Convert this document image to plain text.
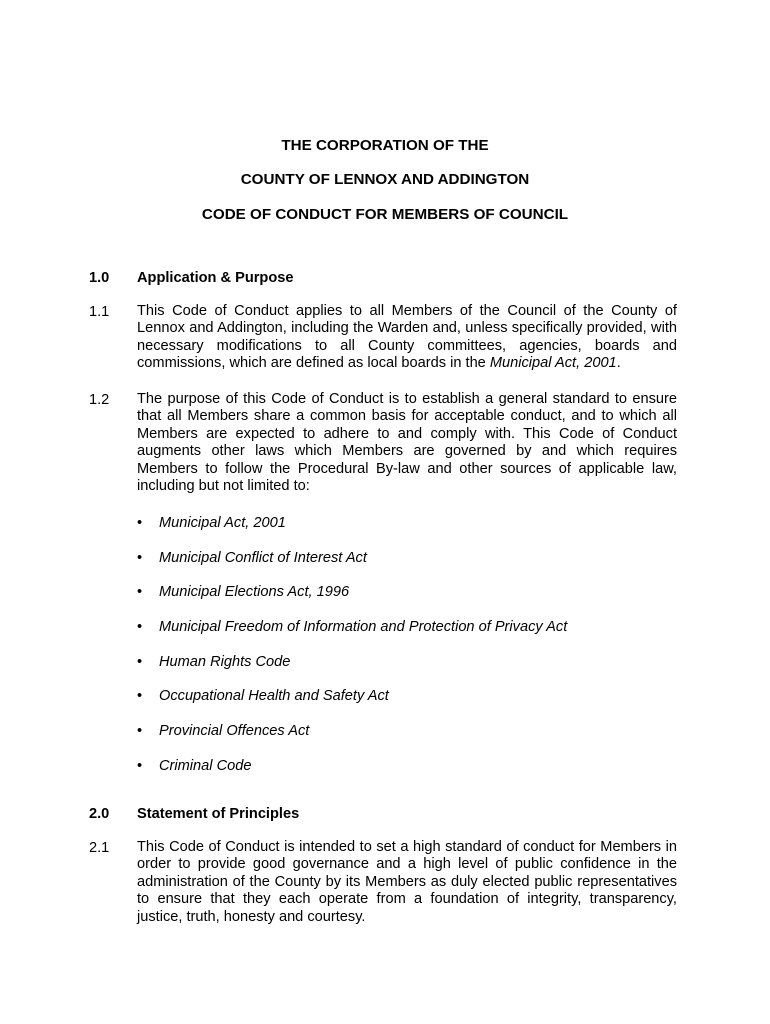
THE CORPORATION OF THE
COUNTY OF LENNOX AND ADDINGTON
CODE OF CONDUCT FOR MEMBERS OF COUNCIL
1.0 Application & Purpose
1.1 This Code of Conduct applies to all Members of the Council of the County of Lennox and Addington, including the Warden and, unless specifically provided, with necessary modifications to all County committees, agencies, boards and commissions, which are defined as local boards in the Municipal Act, 2001.

1.2 The purpose of this Code of Conduct is to establish a general standard to ensure that all Members share a common basis for acceptable conduct, and to which all Members are expected to adhere to and comply with. This Code of Conduct augments other laws which Members are governed by and which requires Members to follow the Procedural By-law and other sources of applicable law, including but not limited to:

• Municipal Act, 2001
• Municipal Conflict of Interest Act
• Municipal Elections Act, 1996
• Municipal Freedom of Information and Protection of Privacy Act
• Human Rights Code
• Occupational Health and Safety Act
• Provincial Offences Act
• Criminal Code
2.0 Statement of Principles
2.1 This Code of Conduct is intended to set a high standard of conduct for Members in order to provide good governance and a high level of public confidence in the administration of the County by its Members as duly elected public representatives to ensure that they each operate from a foundation of integrity, transparency, justice, truth, honesty and courtesy.
